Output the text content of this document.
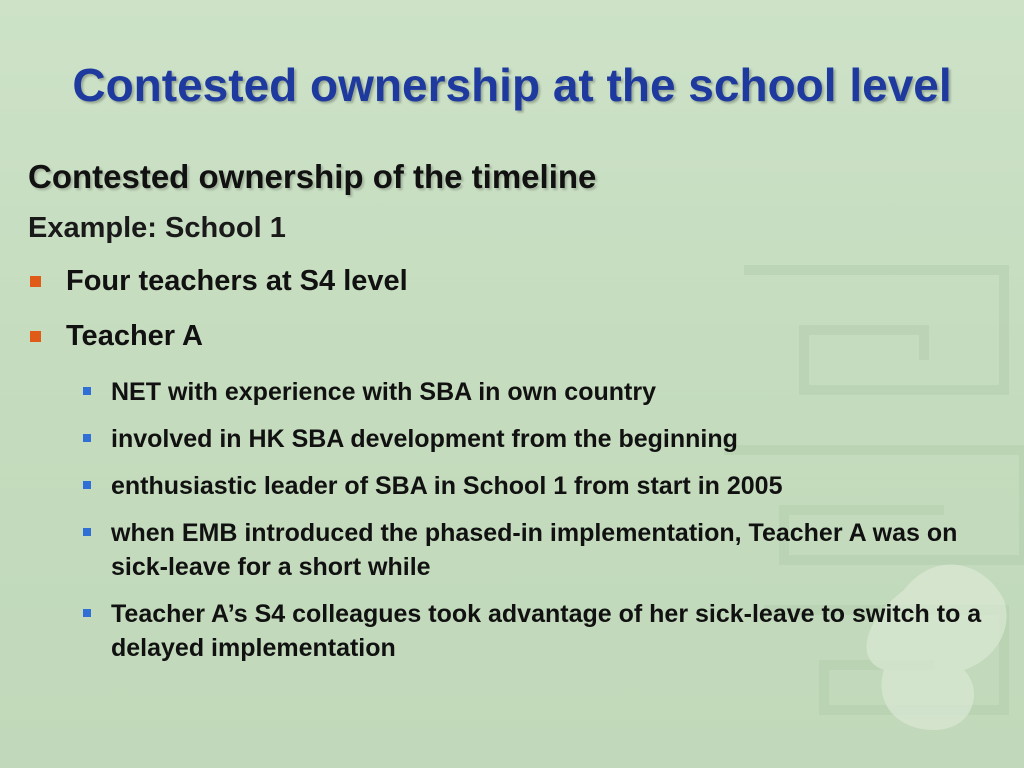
Contested ownership at the school level
Contested ownership of the timeline
Example: School 1
Four teachers at S4 level
Teacher A
NET with experience with SBA in own country
involved in HK SBA development from the beginning
enthusiastic leader of SBA in School 1 from start in 2005
when EMB introduced the phased-in implementation, Teacher A was on sick-leave for a short while
Teacher A’s S4 colleagues took advantage of her sick-leave to switch to a delayed implementation
